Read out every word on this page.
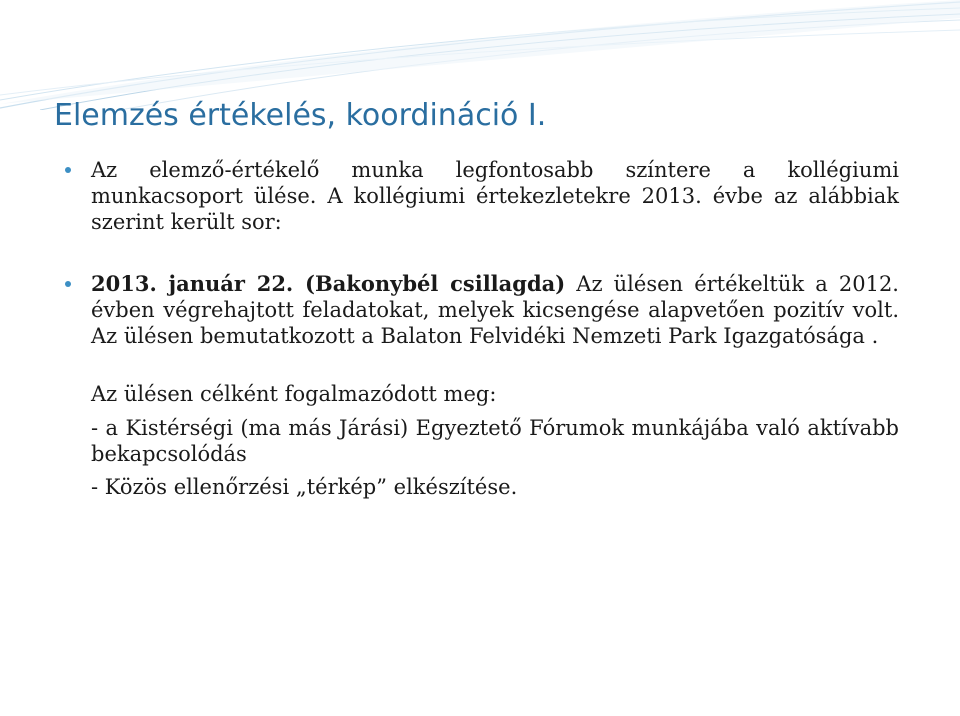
Elemzés értékelés, koordináció I.
Az elemző-értékelő munka legfontosabb színtere a kollégiumi munkacsoport ülése. A kollégiumi értekezletekre 2013. évbe az alábbiak szerint került sor:
2013. január 22. (Bakonybél csillagda) Az ülésen értékeltük a 2012. évben végrehajtott feladatokat, melyek kicsengése alapvetően pozitív volt. Az ülésen bemutatkozott a Balaton Felvidéki Nemzeti Park Igazgatósága .
Az ülésen célként fogalmazódott meg:
- a Kistérségi (ma más Járási) Egyeztető Fórumok munkájába való aktívabb bekapcsolódás
- Közös ellenőrzési „térkép” elkészítése.
